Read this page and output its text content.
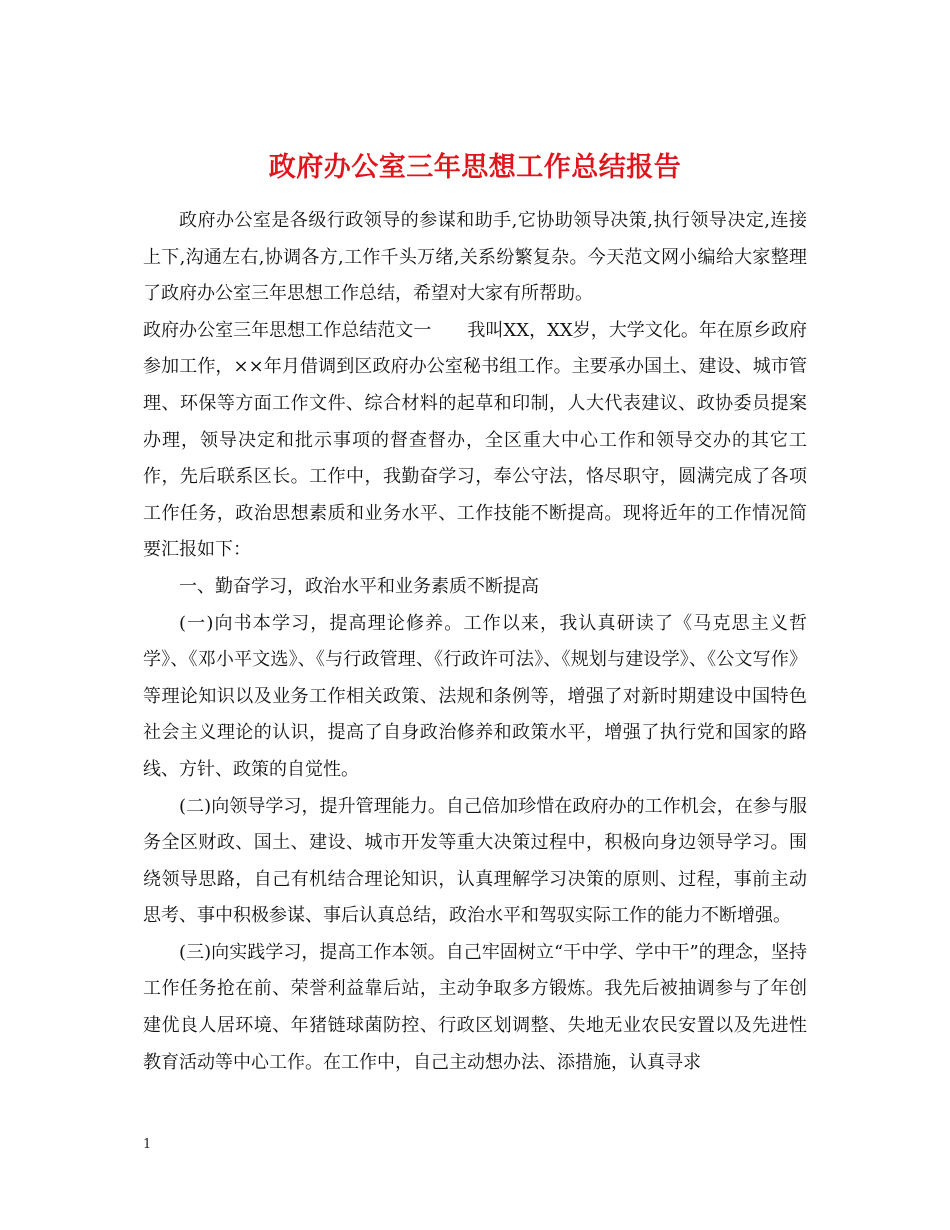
政府办公室三年思想工作总结报告

政府办公室是各级行政领导的参谋和助手,它协助领导决策,执行领导决定,连接上下,沟通左右,协调各方,工作千头万绪,关系纷繁复杂。今天范文网小编给大家整理了政府办公室三年思想工作总结，希望对大家有所帮助。

政府办公室三年思想工作总结范文一　　我叫XX，XX岁，大学文化。年在原乡政府参加工作，××年月借调到区政府办公室秘书组工作。主要承办国土、建设、城市管理、环保等方面工作文件、综合材料的起草和印制，人大代表建议、政协委员提案办理，领导决定和批示事项的督查督办，全区重大中心工作和领导交办的其它工作，先后联系区长。工作中，我勤奋学习，奉公守法，恪尽职守，圆满完成了各项工作任务，政治思想素质和业务水平、工作技能不断提高。现将近年的工作情况简要汇报如下：

一、勤奋学习，政治水平和业务素质不断提高

(一)向书本学习，提高理论修养。工作以来，我认真研读了《马克思主义哲学》、《邓小平文选》、《与行政管理、《行政许可法》、《规划与建设学》、《公文写作》等理论知识以及业务工作相关政策、法规和条例等，增强了对新时期建设中国特色社会主义理论的认识，提高了自身政治修养和政策水平，增强了执行党和国家的路线、方针、政策的自觉性。

(二)向领导学习，提升管理能力。自己倍加珍惜在政府办的工作机会，在参与服务全区财政、国土、建设、城市开发等重大决策过程中，积极向身边领导学习。围绕领导思路，自己有机结合理论知识，认真理解学习决策的原则、过程，事前主动思考、事中积极参谋、事后认真总结，政治水平和驾驭实际工作的能力不断增强。

(三)向实践学习，提高工作本领。自己牢固树立“干中学、学中干”的理念，坚持工作任务抢在前、荣誉利益靠后站，主动争取多方锻炼。我先后被抽调参与了年创建优良人居环境、年猪链球菌防控、行政区划调整、失地无业农民安置以及先进性教育活动等中心工作。在工作中，自己主动想办法、添措施，认真寻求

1
